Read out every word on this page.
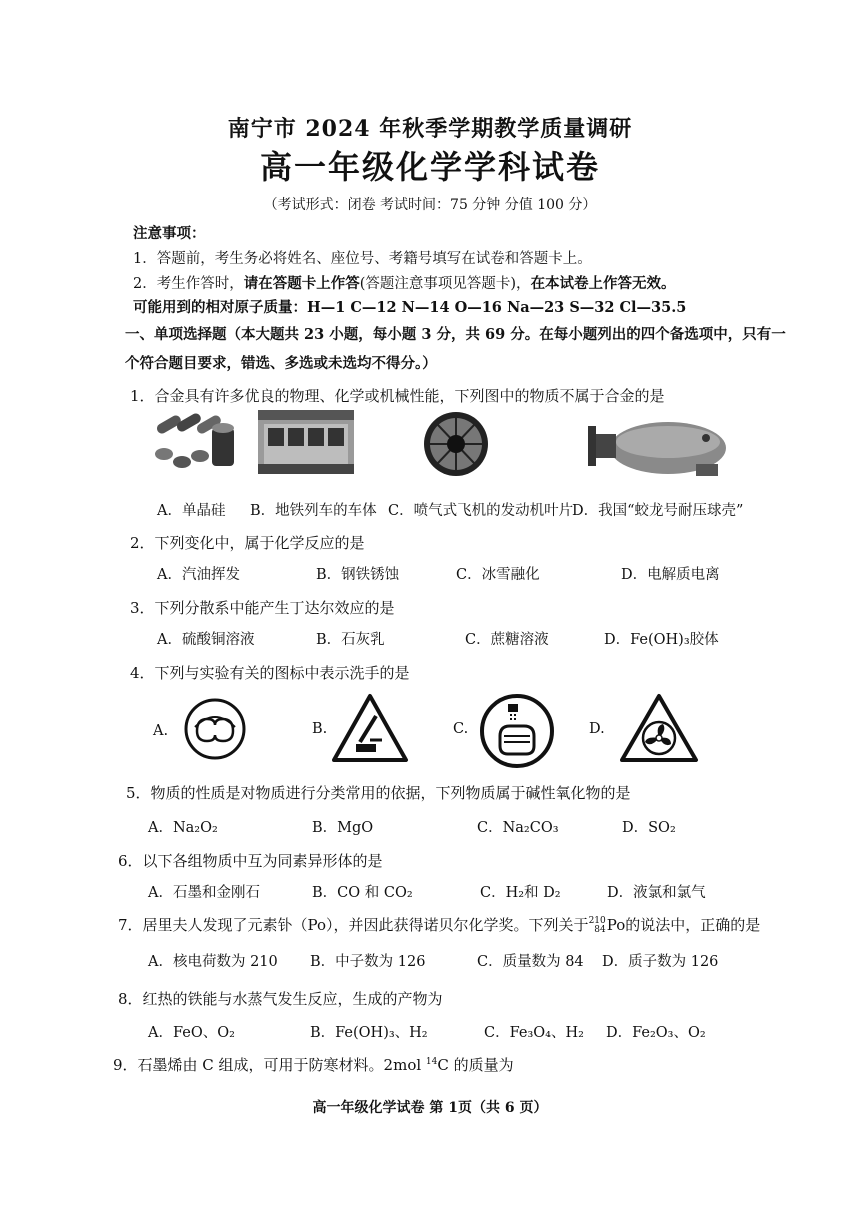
南宁市 2024 年秋季学期教学质量调研
高一年级化学学科试卷
（考试形式：闭卷 考试时间：75 分钟 分值 100 分）
注意事项：
1．答题前，考生务必将姓名、座位号、考籍号填写在试卷和答题卡上。
2．考生作答时，请在答题卡上作答(答题注意事项见答题卡)，在本试卷上作答无效。
可能用到的相对原子质量：H—1 C—12 N—14 O—16 Na—23 S—32 Cl—35.5
一、单项选择题（本大题共 23 小题，每小题 3 分，共 69 分。在每小题列出的四个备选项中，只有一
个符合题目要求，错选、多选或未选均不得分。）
1．合金具有许多优良的物理、化学或机械性能，下列图中的物质不属于合金的是
A．单晶硅 B．地铁列车的车体 C．喷气式飞机的发动机叶片
D．我国“蛟龙号耐压球壳”
2．下列变化中，属于化学反应的是
A．汽油挥发	B．钢铁锈蚀	C．冰雪融化	D．电解质电离
3．下列分散系中能产生丁达尔效应的是
A．硫酸铜溶液	B．石灰乳	C．蔗糖溶液	D．Fe(OH)₃胶体
4．下列与实验有关的图标中表示洗手的是
A.	B.	C.	D.
5．物质的性质是对物质进行分类常用的依据，下列物质属于碱性氧化物的是
A．Na₂O₂	B．MgO	C．Na₂CO₃	D．SO₂
6．以下各组物质中互为同素异形体的是
A．石墨和金刚石	B．CO 和 CO₂	C．H₂和 D₂	D．液氯和氯气
7．居里夫人发现了元素钋（Po），并因此获得诺贝尔化学奖。下列关于210
84Po的说法中，正确的是
A．核电荷数为 210 B．中子数为 126	C．质量数为 84 D．质子数为 126
8．红热的铁能与水蒸气发生反应，生成的产物为
A．FeO、O₂	B．Fe(OH)₃、H₂	C．Fe₃O₄、H₂ D．Fe₂O₃、O₂
9．石墨烯由 C 组成，可用于防寒材料。2mol $^{14}$C 的质量为
高一年级化学试卷 第 1页（共 6 页）
